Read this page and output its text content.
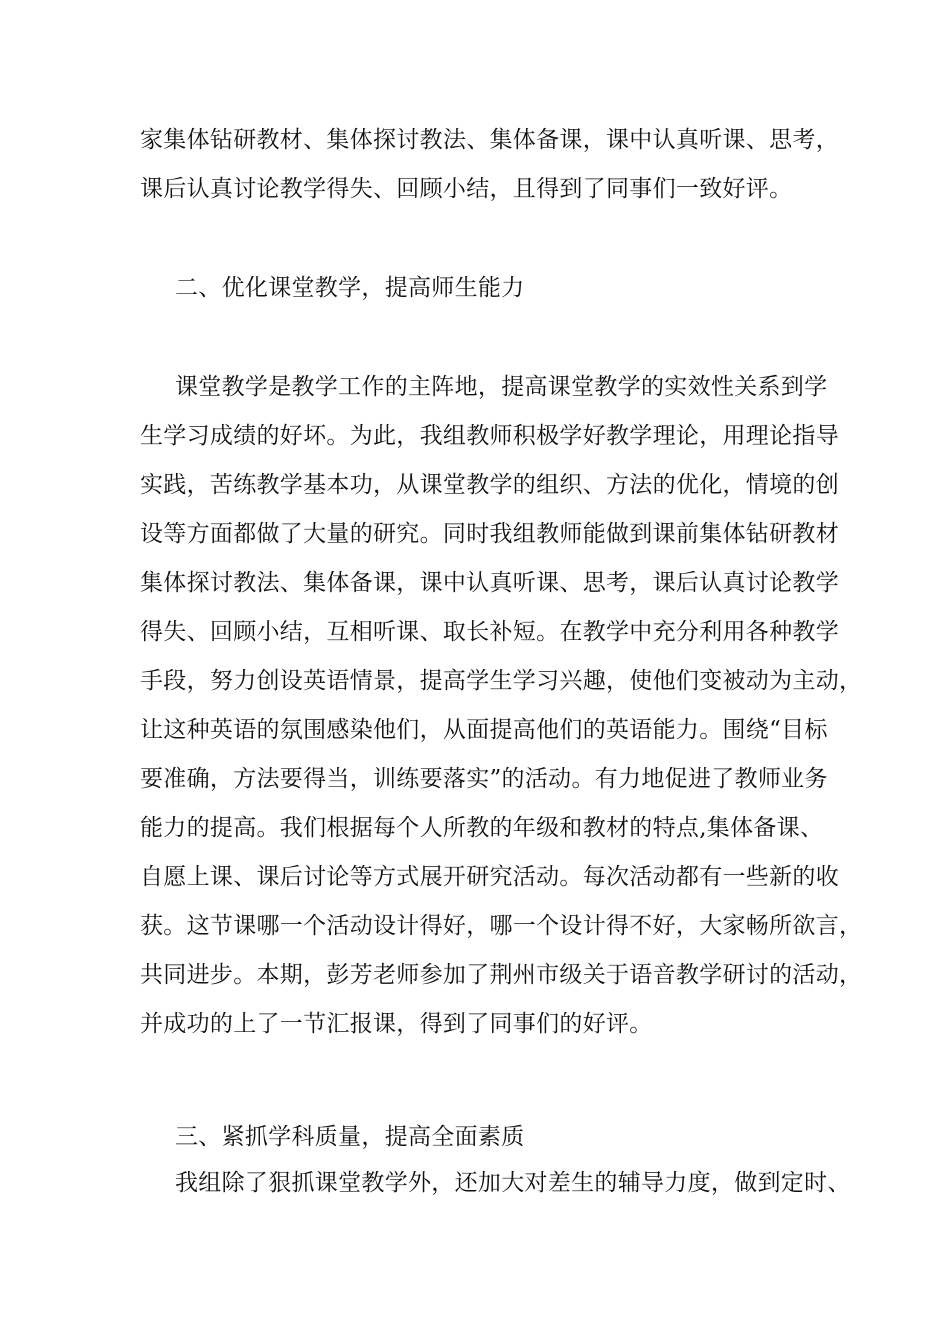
家集体钻研教材、集体探讨教法、集体备课，课中认真听课、思考，
课后认真讨论教学得失、回顾小结，且得到了同事们一致好评。
二、优化课堂教学，提高师生能力
课堂教学是教学工作的主阵地，提高课堂教学的实效性关系到学
生学习成绩的好坏。为此，我组教师积极学好教学理论，用理论指导
实践，苦练教学基本功，从课堂教学的组织、方法的优化，情境的创
设等方面都做了大量的研究。同时我组教师能做到课前集体钻研教材
集体探讨教法、集体备课，课中认真听课、思考，课后认真讨论教学
得失、回顾小结，互相听课、取长补短。在教学中充分利用各种教学
手段，努力创设英语情景，提高学生学习兴趣，使他们变被动为主动，
让这种英语的氛围感染他们，从面提高他们的英语能力。围绕“目标
要准确，方法要得当，训练要落实”的活动。有力地促进了教师业务
能力的提高。我们根据每个人所教的年级和教材的特点,集体备课、
自愿上课、课后讨论等方式展开研究活动。每次活动都有一些新的收
获。这节课哪一个活动设计得好，哪一个设计得不好，大家畅所欲言，
共同进步。本期，彭芳老师参加了荆州市级关于语音教学研讨的活动，
并成功的上了一节汇报课，得到了同事们的好评。
三、紧抓学科质量，提高全面素质
我组除了狠抓课堂教学外，还加大对差生的辅导力度，做到定时、
